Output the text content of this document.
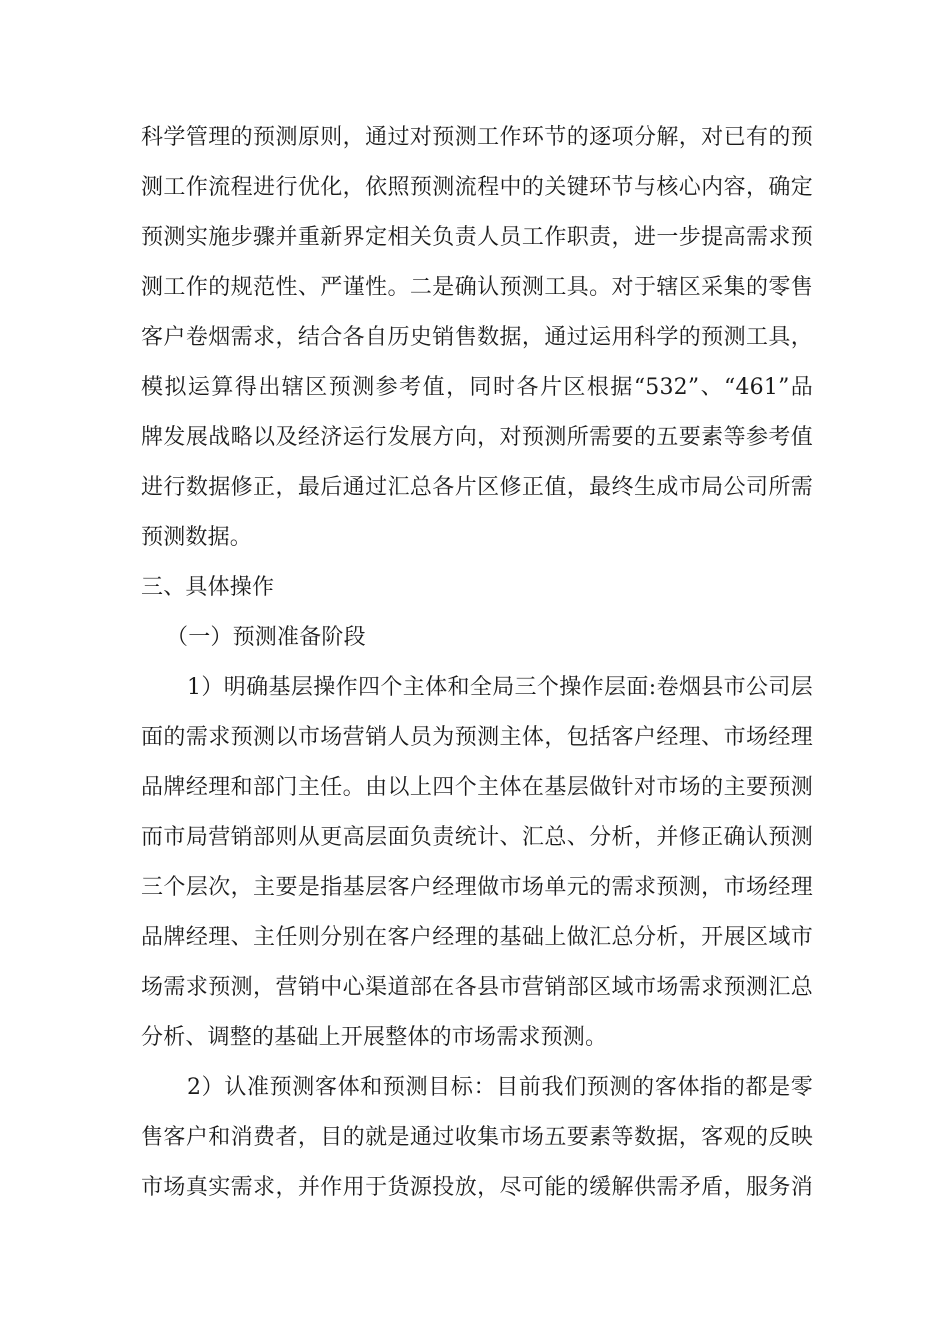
科学管理的预测原则，通过对预测工作环节的逐项分解，对已有的预
测工作流程进行优化，依照预测流程中的关键环节与核心内容，确定
预测实施步骤并重新界定相关负责人员工作职责，进一步提高需求预
测工作的规范性、严谨性。二是确认预测工具。对于辖区采集的零售
客户卷烟需求，结合各自历史销售数据，通过运用科学的预测工具，
模拟运算得出辖区预测参考值，同时各片区根据“532”、“461”品
牌发展战略以及经济运行发展方向，对预测所需要的五要素等参考值
进行数据修正，最后通过汇总各片区修正值，最终生成市局公司所需
预测数据。
三、具体操作
（一）预测准备阶段
1）明确基层操作四个主体和全局三个操作层面:卷烟县市公司层
面的需求预测以市场营销人员为预测主体，包括客户经理、市场经理
品牌经理和部门主任。由以上四个主体在基层做针对市场的主要预测
而市局营销部则从更高层面负责统计、汇总、分析，并修正确认预测
三个层次，主要是指基层客户经理做市场单元的需求预测，市场经理
品牌经理、主任则分别在客户经理的基础上做汇总分析，开展区域市
场需求预测，营销中心渠道部在各县市营销部区域市场需求预测汇总
分析、调整的基础上开展整体的市场需求预测。
2）认准预测客体和预测目标：目前我们预测的客体指的都是零
售客户和消费者，目的就是通过收集市场五要素等数据，客观的反映
市场真实需求，并作用于货源投放，尽可能的缓解供需矛盾，服务消
